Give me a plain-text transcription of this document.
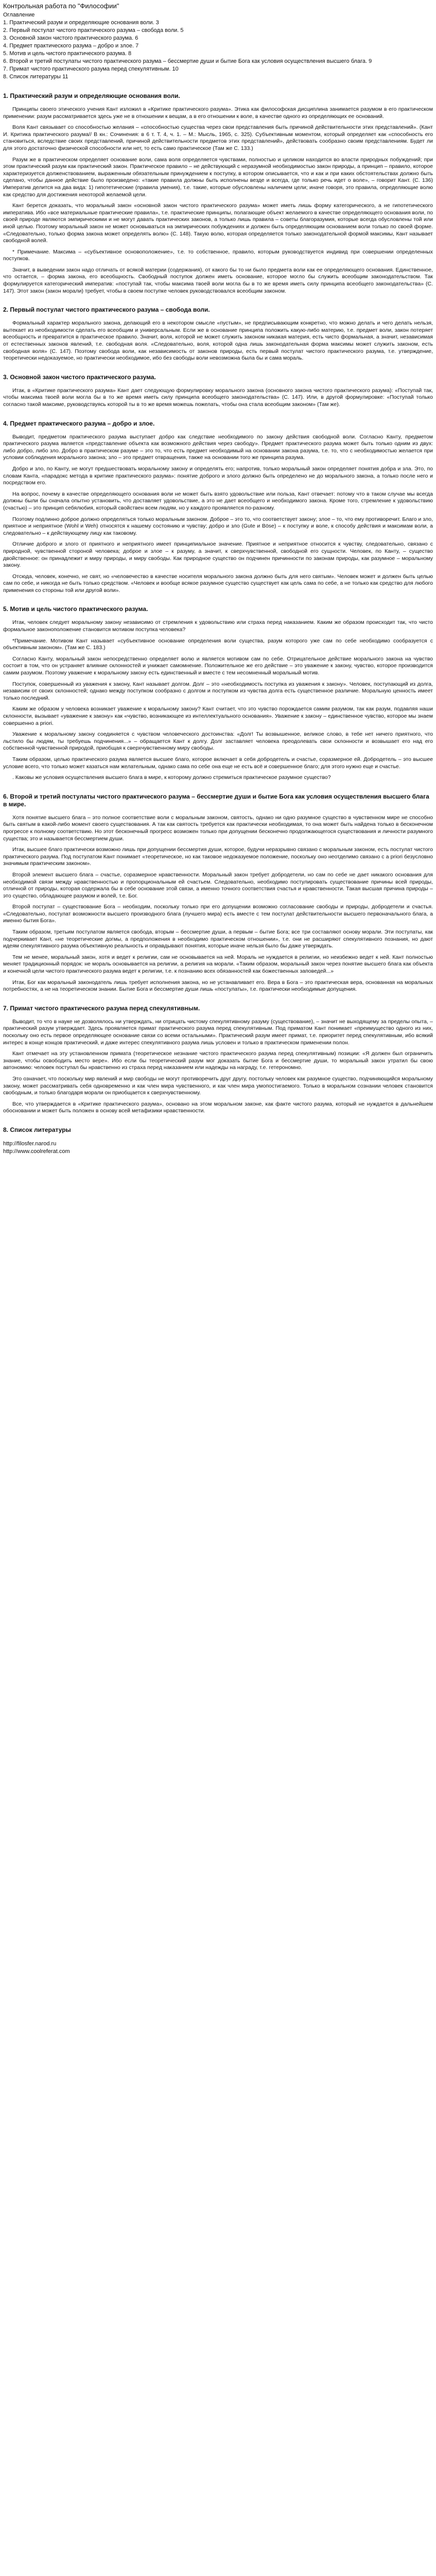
Контрольная работа по "Философии"
Оглавление
1. Практический разум и определяющие основания воли. 3
2. Первый постулат чистого практического разума – свобода воли. 5
3. Основной закон чистого практического разума. 6
4. Предмет практического разума – добро и злое. 7
5. Мотив и цель чистого практического разума. 8
6. Второй и третий постулаты чистого практического разума – бессмертие души и бытие Бога как условия осуществления высшего блага. 9
7. Примат чистого практического разума перед спекулятивным. 10
8. Список литературы 11
1. Практический разум и определяющие основания воли.

Принципы своего этического учения Кант изложил в «Критике практического разума». Этика как философская дисциплина занимается разумом в его практическом применении: разум рассматривается здесь уже не в отношении к вещам, а в его отношении к воле, в качестве одного из определяющих ее оснований.

Воля Кант связывает со способностью желания – «способностью существа через свои представления быть причиной действительности этих представлений». (Кант И. Критика практического разума// В кн.: Сочинения: в 6 т. Т. 4, ч. 1. – М.: Мысль, 1965, с. 325). Субъективным моментом, который определяет как «способность его становиться, вследствие своих представлений, причиной действительности предметов этих представлений», действовать сообразно своим представлениям. Будет ли для этого достаточно физической способности или нет, то есть само практическое (Там же С. 133.)

Разум же в практическом определяет основание воли, сама воля определяется чувствами, полностью и целиком находится во власти природных побуждений; при этом практический разум как практический закон. Практическое правило – не действующий с неразумной необходимостью закон природы, а принцип – правило, которое характеризуется долженствованием, выраженным обязательным принуждением к поступку, в котором описывается, что и как и при каких обстоятельствах должно быть сделано, чтобы данное действие было произведено: «такие правила должны быть исполнены везде и всегда, где только речь идет о воле», – говорит Кант. (С. 136) Императив делится на два вида: 1) гипотетические (правила умения), т.е. такие, которые обусловлены наличием цели; иначе говоря, это правила, определяющие волю как средство для достижения некоторой желаемой цели.

Кант берется доказать, что моральный закон «основной закон чистого практического разума» может иметь лишь форму категорического, а не гипотетического императива. Ибо «все материальные практические правила», т.е. практические принципы, полагающие объект желаемого в качестве определяющего основания воли, по своей природе являются эмпирическими и не могут давать практических законов, а только лишь правила – советы благоразумия, которые всегда обусловлены той или иной целью. Поэтому моральный закон не может основываться на эмпирических побуждениях и должен быть определяющим основанием воли только по своей форме. «Следовательно, только форма закона может определять волю» (С. 148). Такую волю, которая определяется только законодательной формой максимы, Кант называет свободной волей.

* Примечание. Максима – «субъективное основоположение», т.е. то собственное, правило, которым руководствуется индивид при совершении определенных поступков.

Значит, в выведении закон надо отличать от всякой материи (содержания), от какого бы то ни было предмета воли как ее определяющего основания. Единственное, что остается, – форма закона, его всеобщность. Свободный поступок должен иметь основание, которое могло бы служить всеобщим законодательством. Так формулируется категорический императив: «поступай так, чтобы максима твоей воли могла бы в то же время иметь силу принципа всеобщего законодательства» (С. 147). Этот закон (закон морали) требует, чтобы в своем поступке человек руководствовался всеобщим законом.

2. Первый постулат чистого практического разума – свобода воли.

Формальный характер морального закона, делающий его в некотором смысле «пустым», не предписывающим конкретно, что можно делать и чего делать нельзя, вытекает из необходимости сделать его всеобщим и универсальным. Если же в основание принципа положить какую-либо материю, т.е. предмет воли, закон потеряет всеобщность и превратится в практическое правило. Значит, воля, которой не может служить законом никакая материя, есть чисто формальная, а значит, независимая от естественных законов явлений, т.е. свободная воля. «Следовательно, воля, которой одна лишь законодательная форма максимы может служить законом, есть свободная воля» (С. 147). Поэтому свобода воли, как независимость от законов природы, есть первый постулат чистого практического разума, т.е. утверждение, теоретически недоказуемое, но практически необходимое, ибо без свободы воли невозможна была бы и сама мораль.

3. Основной закон чистого практического разума.

Итак, в «Критике практического разума» Кант дает следующую формулировку морального закона (основного закона чистого практического разума): «Поступай так, чтобы максима твоей воли могла бы в то же время иметь силу принципа всеобщего законодательства» (С. 147). Или, в другой формулировке: «Поступай только согласно такой максиме, руководствуясь которой ты в то же время можешь пожелать, чтобы она стала всеобщим законом» (Там же).

4. Предмет практического разума – добро и злое.

Выводит, предметом практического разума выступает добро как следствие необходимого по закону действия свободной воли. Согласно Канту, предметом практического разума является «представление объекта как возможного действия через свободу». Предмет практического разума может быть только одним из двух: либо добро, либо зло. Добро в практическом разуме – это то, что есть предмет необходимый на основании закона разума, т.е. то, что с необходимостью желается при условии соблюдения морального закона; зло – это предмет отвращения, также на основании того же принципа разума.

Добро и зло, по Канту, не могут предшествовать моральному закону и определять его; напротив, только моральный закон определяет понятия добра и зла. Это, по словам Канта, «парадокс метода в критике практического разума»: понятие доброго и злого должно быть определено не до морального закона, а только после него и посредством его.

На вопрос, почему в качестве определяющего основания воли не может быть взято удовольствие или польза, Кант отвечает: потому что в таком случае мы всегда должны были бы сначала опытно установить, что доставляет удовольствие, а это не дает всеобщего и необходимого закона. Кроме того, стремление к удовольствию (счастью) – это принцип себялюбия, который свойствен всем людям, но у каждого проявляется по-разному.

Поэтому подлинно доброе должно определяться только моральным законом. Доброе – это то, что соответствует закону; злое – то, что ему противоречит. Благо и зло, приятное и неприятное (Wohl и Weh) относятся к нашему состоянию и чувству; добро и зло (Gute и Böse) – к поступку и воле, к способу действия и максимам воли, а следовательно – к действующему лицу как таковому.

Отличие доброго и злого от приятного и неприятного имеет принципиальное значение. Приятное и неприятное относится к чувству, следовательно, связано с природной, чувственной стороной человека; доброе и злое – к разуму, а значит, к сверхчувственной, свободной его сущности. Человек, по Канту, – существо двойственное: он принадлежит и миру природы, и миру свободы. Как природное существо он подчинен причинности по законам природы, как разумное – моральному закону.

Отсюда, человек, конечно, не свят, но «человечество в качестве носителя морального закона должно быть для него святым». Человек может и должен быть целью сам по себе, и никогда не быть только средством. «Человек и вообще всякое разумное существо существует как цель сама по себе, а не только как средство для любого применения со стороны той или другой воли».

5. Мотив и цель чистого практического разума.

Итак, человек следует моральному закону независимо от стремления к удовольствию или страха перед наказанием. Каким же образом происходит так, что чисто формальное законоположение становится мотивом поступка человека?

*Примечание. Мотивом Кант называет «субъективное основание определения воли существа, разум которого уже сам по себе необходимо сообразуется с объективным законом». (Там же С. 183.)

Согласно Канту, моральный закон непосредственно определяет волю и является мотивом сам по себе. Отрицательное действие морального закона на чувство состоит в том, что он устраняет влияние склонностей и унижает самомнение. Положительное же его действие – это уважение к закону, чувство, которое производится самим разумом. Поэтому уважение к моральному закону есть единственный и вместе с тем несомненный моральный мотив.

Поступок, совершенный из уважения к закону, Кант называет долгом. Долг – это «необходимость поступка из уважения к закону». Человек, поступающий из долга, независим от своих склонностей; однако между поступком сообразно с долгом и поступком из чувства долга есть существенное различие. Моральную ценность имеет только последний.

Каким же образом у человека возникает уважение к моральному закону? Кант считает, что это чувство порождается самим разумом, так как разум, подавляя наши склонности, вызывает «уважение к закону» как «чувство, возникающее из интеллектуального основания». Уважение к закону – единственное чувство, которое мы знаем совершенно a priori.

Уважение к моральному закону соединяется с чувством человеческого достоинства: «Долг! Ты возвышенное, великое слово, в тебе нет ничего приятного, что льстило бы людям, ты требуешь подчинения...» – обращается Кант к долгу. Долг заставляет человека преодолевать свои склонности и возвышает его над его собственной чувственной природой, приобщая к сверхчувственному миру свободы.

Таким образом, целью практического разума является высшее благо, которое включает в себя добродетель и счастье, соразмерное ей. Добродетель – это высшее условие всего, что только может казаться нам желательным, однако сама по себе она еще не есть всё и совершенное благо; для этого нужно еще и счастье.

. Каковы же условия осуществления высшего блага в мире, к которому должно стремиться практическое разумное существо?

6. Второй и третий постулаты чистого практического разума – бессмертие души и бытие Бога как условия осуществления высшего блага в мире.

Хотя понятие высшего блага – это полное соответствие воли с моральным законом, святость, однако ни одно разумное существо в чувственном мире не способно быть святым в какой-либо момент своего существования. А так как святость требуется как практически необходимая, то она может быть найдена только в бесконечном прогрессе к полному соответствию. Но этот бесконечный прогресс возможен только при допущении бесконечно продолжающегося существования и личности разумного существа; это и называется бессмертием души.

Итак, высшее благо практически возможно лишь при допущении бессмертия души, которое, будучи неразрывно связано с моральным законом, есть постулат чистого практического разума. Под постулатом Кант понимает «теоретическое, но как таковое недоказуемое положение, поскольку оно неотделимо связано с a priori безусловно значимым практическим законом».

Второй элемент высшего блага – счастье, соразмерное нравственности. Моральный закон требует добродетели, но сам по себе не дает никакого основания для необходимой связи между нравственностью и пропорциональным ей счастьем. Следовательно, необходимо постулировать существование причины всей природы, отличной от природы, которая содержала бы в себе основание этой связи, а именно точного соответствия счастья и нравственности. Такая высшая причина природы – это существо, обладающее разумом и волей, т.е. Бог.

Второй постулат – существование Бога – необходим, поскольку только при его допущении возможно согласование свободы и природы, добродетели и счастья. «Следовательно, постулат возможности высшего производного блага (лучшего мира) есть вместе с тем постулат действительности высшего первоначального блага, а именно бытия Бога».

Таким образом, третьим постулатом является свобода, вторым – бессмертие души, а первым – бытие Бога; все три составляют основу морали. Эти постулаты, как подчеркивает Кант, «не теоретические догмы, а предположения в необходимо практическом отношении», т.е. они не расширяют спекулятивного познания, но дают идеям спекулятивного разума объективную реальность и оправдывают понятия, которые иначе нельзя было бы даже утверждать.

Тем не менее, моральный закон, хотя и ведет к религии, сам не основывается на ней. Мораль не нуждается в религии, но неизбежно ведет к ней. Кант полностью меняет традиционный порядок: не мораль основывается на религии, а религия на морали. «Таким образом, моральный закон через понятие высшего блага как объекта и конечной цели чистого практического разума ведет к религии, т.е. к познанию всех обязанностей как божественных заповедей...»

Итак, Бог как моральный законодатель лишь требует исполнения закона, но не устанавливает его. Вера в Бога – это практическая вера, основанная на моральных потребностях, а не на теоретическом знании. Бытие Бога и бессмертие души лишь «постулаты», т.е. практически необходимые допущения.

7. Примат чистого практического разума перед спекулятивным.

Выводит, то что в науке не дозволялось ни утверждать, ни отрицать чистому спекулятивному разуму (существование), – значит не выходящему за пределы опыта, – практический разум утверждает. Здесь проявляется примат практического разума перед спекулятивным. Под приматом Кант понимает «преимущество одного из них, поскольку оно есть первое определяющее основание связи со всеми остальными». Практический разум имеет примат, т.е. приоритет перед спекулятивным, ибо всякий интерес в конце концов практический, и даже интерес спекулятивного разума лишь условен и только в практическом применении полон.

Кант отмечает на эту установленном примата (теоретическое незнание чистого практического разума перед спекулятивным) позиции: «Я должен был ограничить знание, чтобы освободить место вере». Ибо если бы теоретический разум мог доказать бытие Бога и бессмертие души, то моральный закон утратил бы свою автономию: человек поступал бы нравственно из страха перед наказанием или надежды на награду, т.е. гетерономно.

Это означает, что поскольку мир явлений и мир свободы не могут противоречить друг другу, постольку человек как разумное существо, подчиняющийся моральному закону, может рассматривать себя одновременно и как член мира чувственного, и как член мира умопостигаемого. Только в моральном сознании человек становится свободным, и только благодаря морали он приобщается к сверхчувственному.

Все, что утверждается в «Критике практического разума», основано на этом моральном законе, как факте чистого разума, который не нуждается в дальнейшем обосновании и может быть положен в основу всей метафизики нравственности.

8. Список литературы
http://filosfer.narod.ru
http://www.coolreferat.com
